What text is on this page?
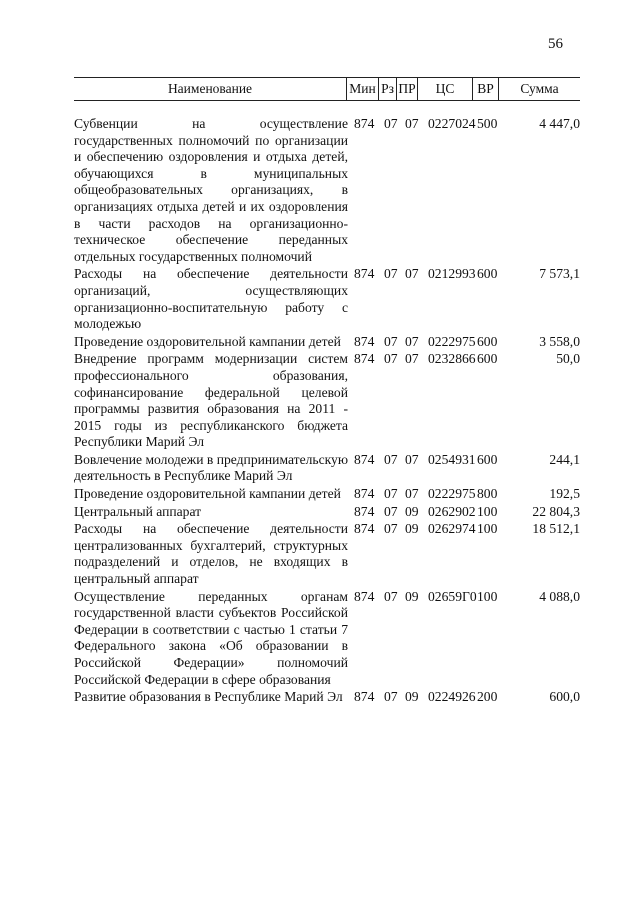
56
Наименование	Мин Рз ПР	ЦС	ВР	Сумма
Субвенции на осуществление государственных полномочий по организации и обеспечению оздоровления и отдыха детей, обучающихся в муниципальных общеобразовательных организациях, в организациях отдыха детей и их оздоровления в части расходов на организационно-техническое обеспечение переданных отдельных государственных полномочий
874 07 07 0227024 500	4 447,0
Расходы на обеспечение деятельности организаций, осуществляющих организационно-воспитательную работу с молодежью
874 07 07 0212993 600	7 573,1
Проведение оздоровительной кампании детей 874 07 07 0222975 600	3 558,0
Внедрение программ модернизации систем профессионального образования, софинансирование федеральной целевой программы развития образования на 2011 - 2015 годы из республиканского бюджета Республики Марий Эл
874 07 07 0232866 600	50,0
Вовлечение молодежи в предпринимательскую деятельность в Республике Марий Эл
874 07 07 0254931 600	244,1
Проведение оздоровительной кампании детей 874 07 07 0222975 800	192,5
Центральный аппарат	874 07 09 0262902 100	22 804,3
Расходы на обеспечение деятельности централизованных бухгалтерий, структурных подразделений и отделов, не входящих в центральный аппарат
874 07 09 0262974 100	18 512,1
Осуществление переданных органам государственной власти субъектов Российской Федерации в соответствии с частью 1 статьи 7 Федерального закона «Об образовании в Российской Федерации» полномочий Российской Федерации в сфере образования
874 07 09 02659Г0 100	4 088,0
Развитие образования в Республике Марий Эл 874 07 09 0224926 200	600,0
